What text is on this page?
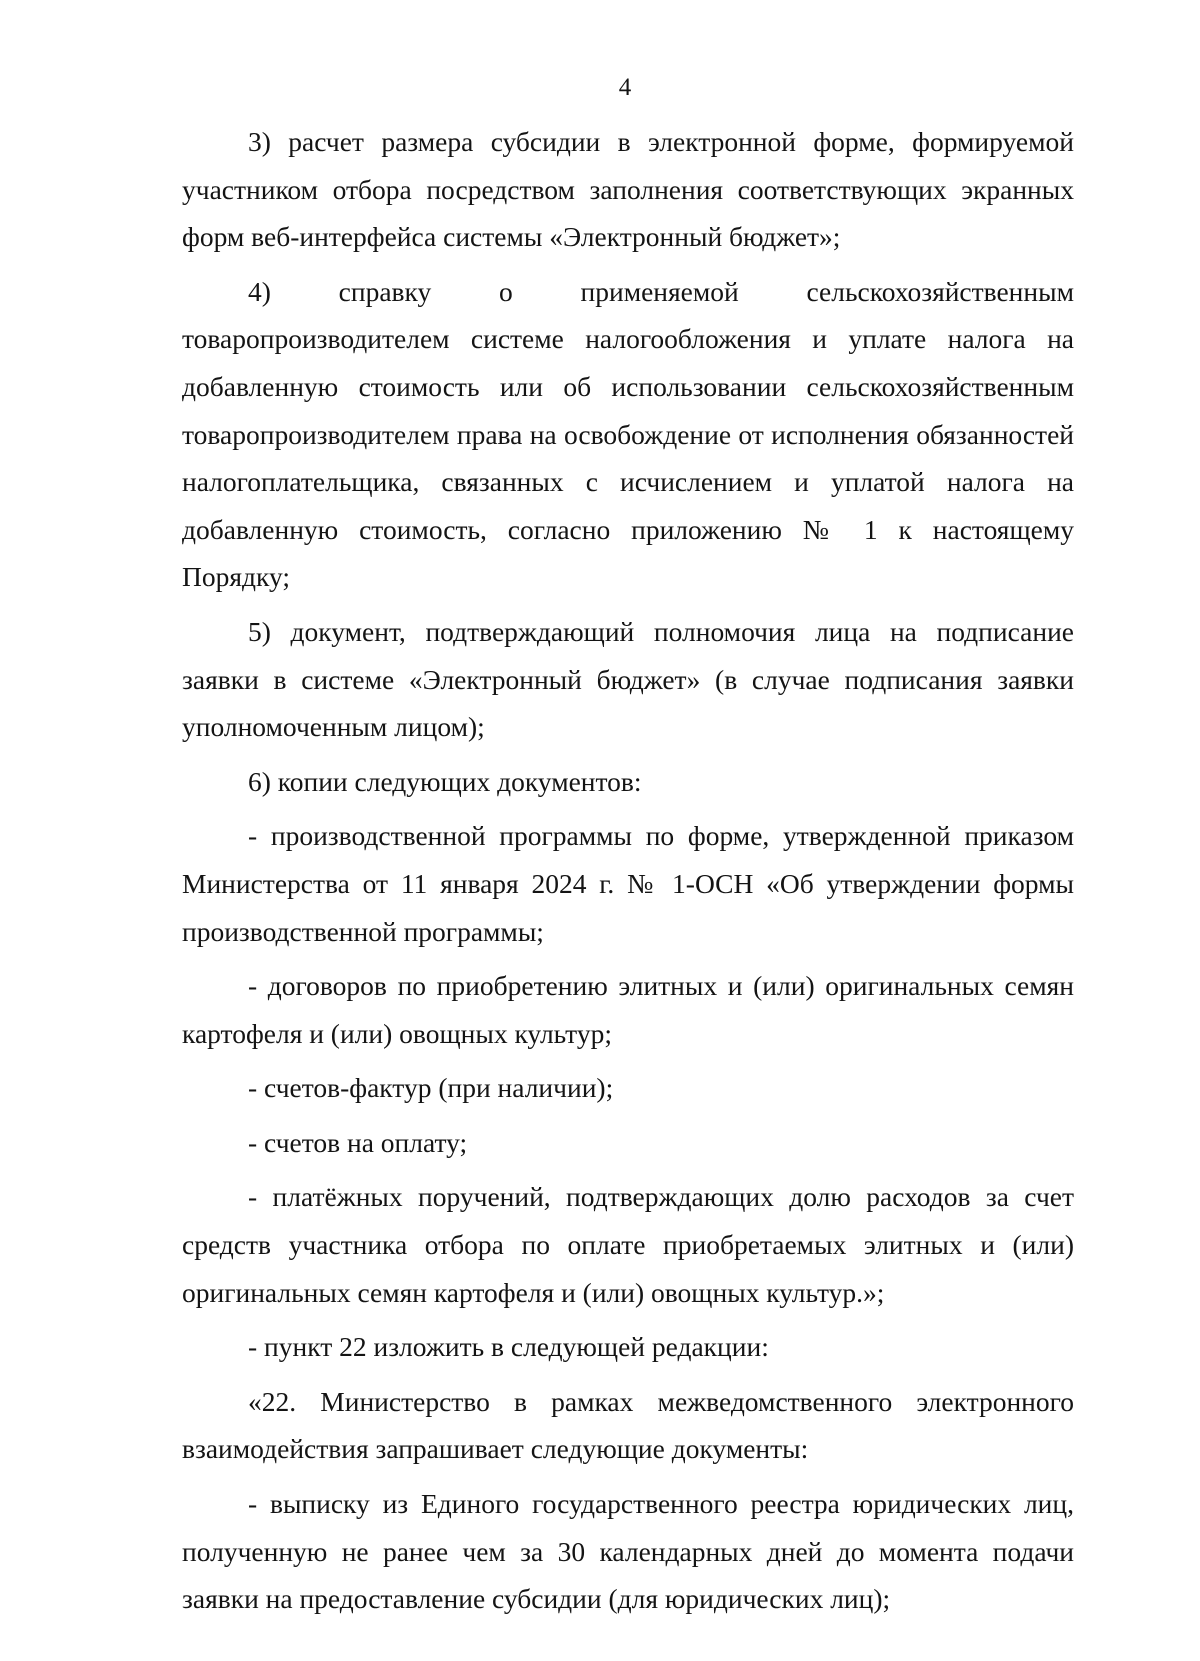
4

3) расчет размера субсидии в электронной форме, формируемой участником отбора посредством заполнения соответствующих экранных форм веб-интерфейса системы «Электронный бюджет»;

4) справку о применяемой сельскохозяйственным товаропроизводителем системе налогообложения и уплате налога на добавленную стоимость или об использовании сельскохозяйственным товаропроизводителем права на освобождение от исполнения обязанностей налогоплательщика, связанных с исчислением и уплатой налога на добавленную стоимость, согласно приложению № 1 к настоящему Порядку;

5) документ, подтверждающий полномочия лица на подписание заявки в системе «Электронный бюджет» (в случае подписания заявки уполномоченным лицом);

6) копии следующих документов:

- производственной программы по форме, утвержденной приказом Министерства от 11 января 2024 г. № 1-ОСН «Об утверждении формы производственной программы;

- договоров по приобретению элитных и (или) оригинальных семян картофеля и (или) овощных культур;

- счетов-фактур (при наличии);

- счетов на оплату;

- платёжных поручений, подтверждающих долю расходов за счет средств участника отбора по оплате приобретаемых элитных и (или) оригинальных семян картофеля и (или) овощных культур.»;

- пункт 22 изложить в следующей редакции:

«22. Министерство в рамках межведомственного электронного взаимодействия запрашивает следующие документы:

- выписку из Единого государственного реестра юридических лиц, полученную не ранее чем за 30 календарных дней до момента подачи заявки на предоставление субсидии (для юридических лиц);
